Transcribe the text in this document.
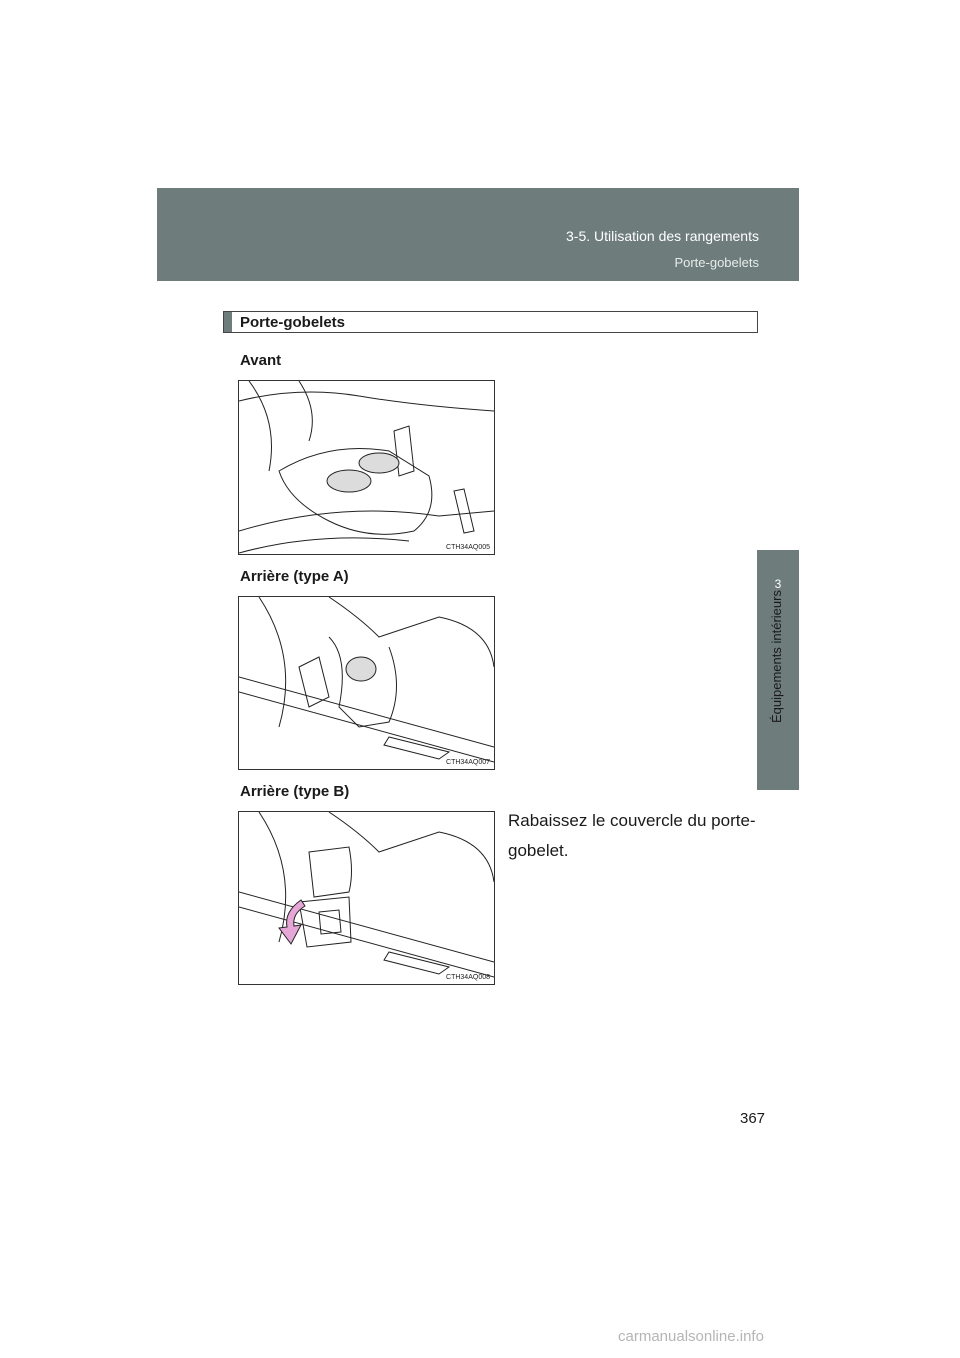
3-5. Utilisation des rangements
Porte-gobelets
3
Équipements intérieurs
Porte-gobelets
Avant
CTH34AQ005
Arrière (type A)
CTH34AQ007
Arrière (type B)
CTH34AQ008
Rabaissez le couvercle du porte-gobelet.
367
carmanualsonline.info
